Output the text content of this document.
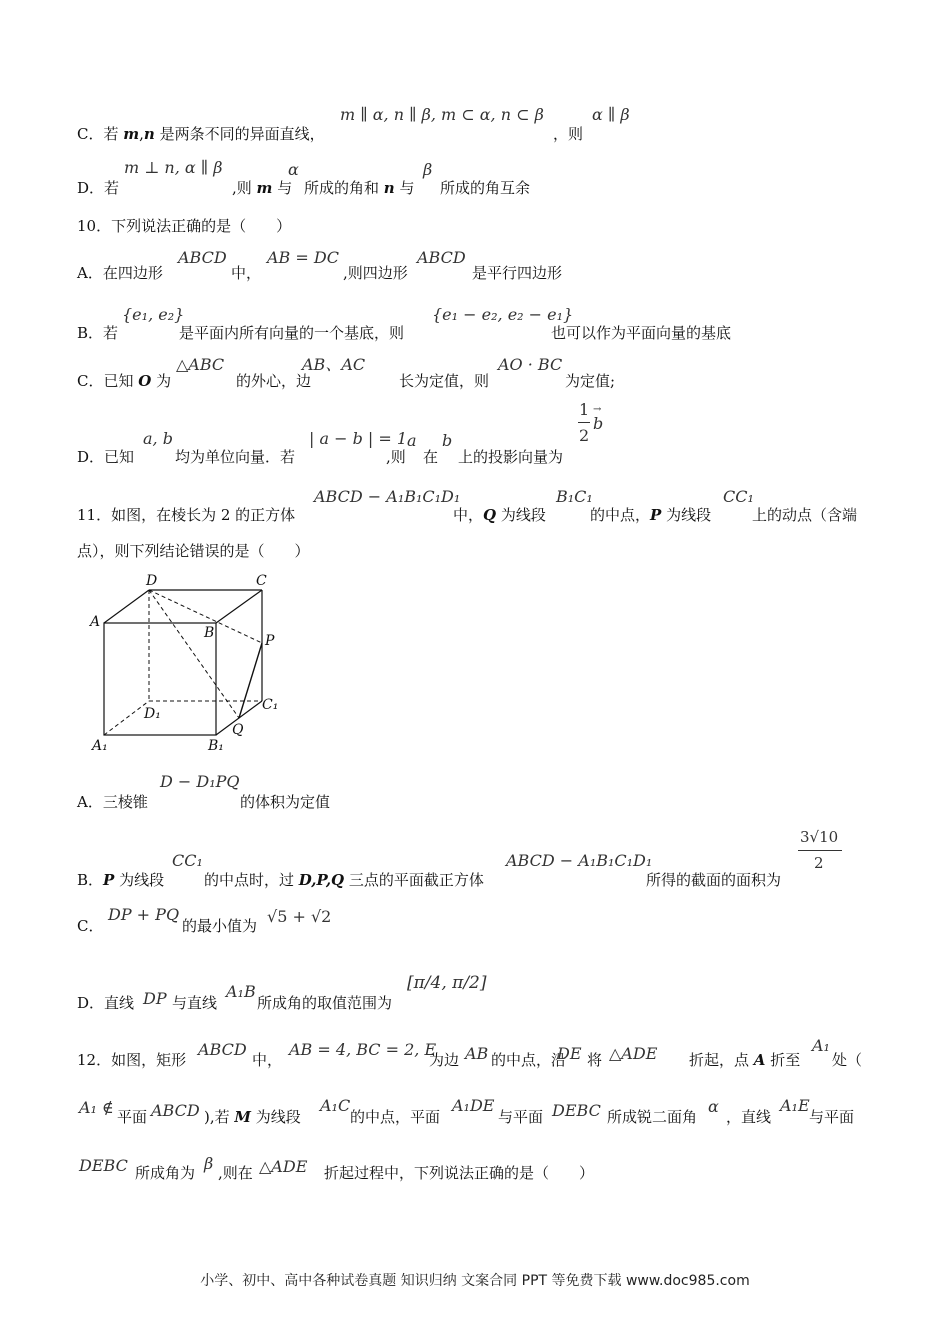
C．若 m,n 是两条不同的异面直线，
m ∥ α, n ∥ β, m ⊂ α, n ⊂ β
，则
α ∥ β
D．若
m ⊥ n, α ∥ β
,则 m 与
α
所成的角和 n 与
β
所成的角互余
10．下列说法正确的是（　　）
A．在四边形
ABCD
中，
AB = DC
,则四边形
ABCD
是平行四边形
B．若
{e₁, e₂}
是平面内所有向量的一个基底，则
{e₁ − e₂, e₂ − e₁}
也可以作为平面向量的基底
C．已知 O 为
△ABC
的外心，边
AB、AC
长为定值，则
AO · BC
为定值;
D．已知
a, b
均为单位向量．若
| a − b | = 1
,则
a
在
b
上的投影向量为
1
2
→
b
11．如图，在棱长为 2 的正方体
ABCD − A₁B₁C₁D₁
中，Q 为线段
B₁C₁
的中点，P 为线段
CC₁
上的动点（含端
点），则下列结论错误的是（　　）
D	C
A
B	P
D₁
C₁
A₁	B₁
Q
A．三棱锥
D − D₁PQ
的体积为定值
B．P 为线段
CC₁
的中点时，过 D,P,Q 三点的平面截正方体
ABCD − A₁B₁C₁D₁
所得的截面的面积为
3√10
2
C．
DP + PQ
的最小值为 √5 + √2
D．直线 DP 与直线
A₁B
所成角的取值范围为
[π/4, π/2]
12．如图，矩形
ABCD
中，
AB = 4, BC = 2, E
为边 AB 的中点，沿
DE 将 △ADE 折起，点 A 折至
A₁
处（
A₁ ∉ 平面 ABCD ),若 M 为线段
A₁C
的中点，平面
A₁DE
与平面 DEBC 所成锐二面角
α
，直线
A₁E
与平面
DEBC 所成角为 β ,则在 △ADE 折起过程中，下列说法正确的是（　　）
小学、初中、高中各种试卷真题 知识归纳 文案合同 PPT 等免费下载 www.doc985.com
